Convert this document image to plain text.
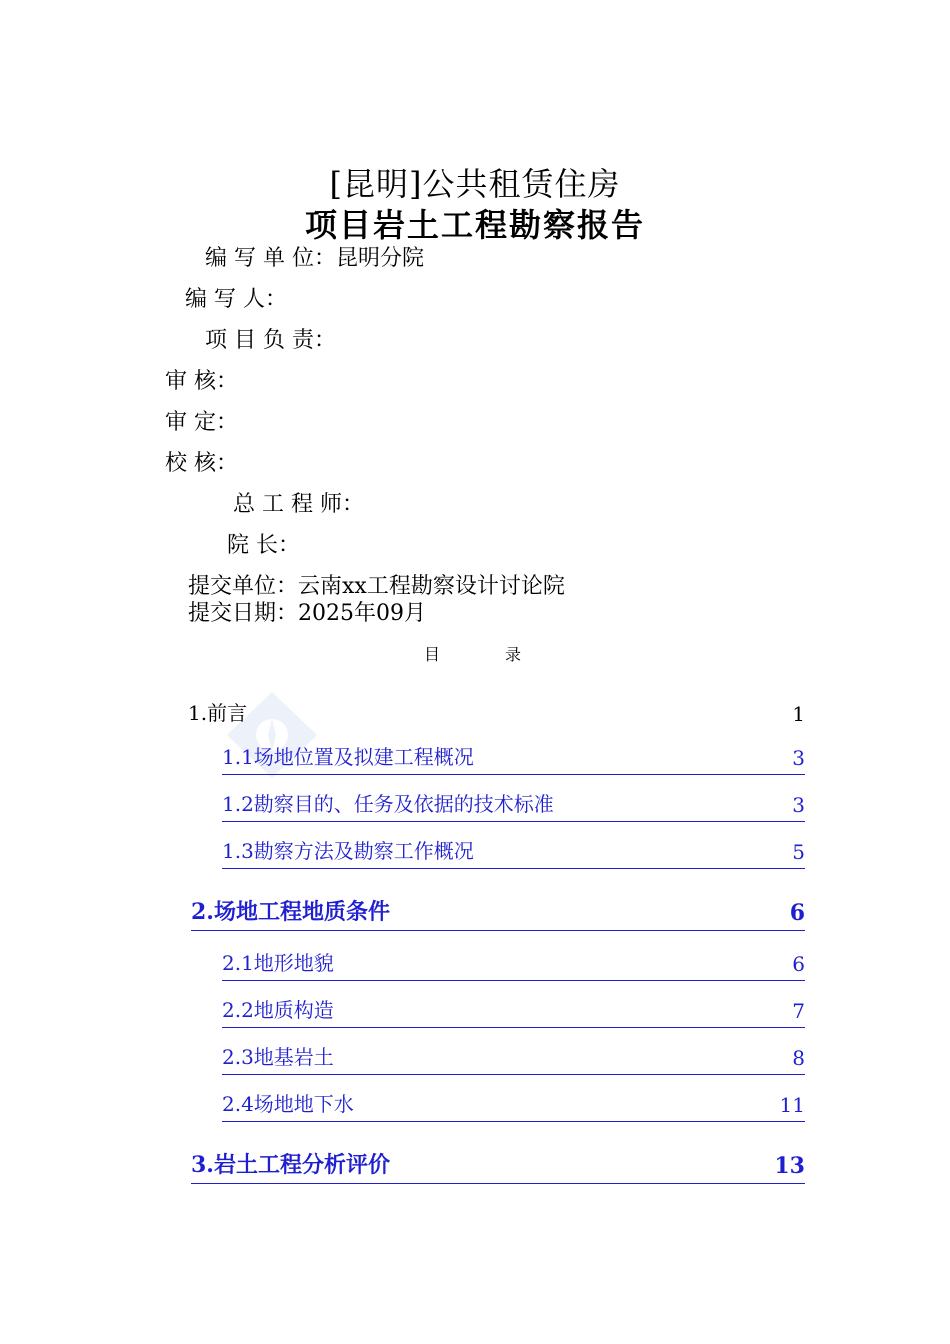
[昆明]公共租赁住房
项目岩土工程勘察报告
编 写 单 位：昆明分院
编 写 人：
项 目 负 责：
审 核：
审 定：
校 核：
总 工 程 师：
院 长：
提交单位：云南xx工程勘察设计讨论院
提交日期：2025年09月
目 录
1.前言	1
1.1场地位置及拟建工程概况	3
1.2勘察目的、任务及依据的技术标准	3
1.3勘察方法及勘察工作概况	5
2.场地工程地质条件	6
2.1地形地貌	6
2.2地质构造	7
2.3地基岩土	8
2.4场地地下水	11
3.岩土工程分析评价	13
